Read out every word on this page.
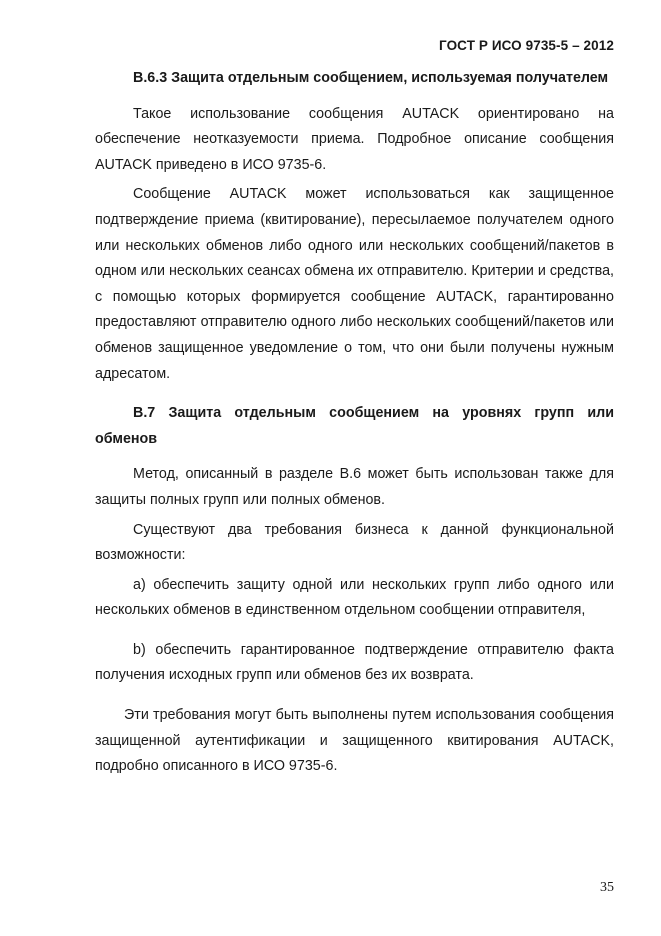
ГОСТ Р ИСО 9735-5 – 2012

В.6.3 Защита отдельным сообщением, используемая получателем

Такое использование сообщения AUTACK ориентировано на обеспечение неотказуемости приема. Подробное описание сообщения AUTACK приведено в ИСО 9735-6.

Сообщение AUTACK может использоваться как защищенное подтверждение приема (квитирование), пересылаемое получателем одного или нескольких обменов либо одного или нескольких сообщений/пакетов в одном или нескольких сеансах обмена их отправителю. Критерии и средства, с помощью которых формируется сообщение AUTACK, гарантированно предоставляют отправителю одного либо нескольких сообщений/пакетов или обменов защищенное уведомление о том, что они были получены нужным адресатом.

В.7 Защита отдельным сообщением на уровнях групп или обменов

Метод, описанный в разделе В.6 может быть использован также для защиты полных групп или полных обменов.

Существуют два требования бизнеса к данной функциональной возможности:

а) обеспечить защиту одной или нескольких групп либо одного или нескольких обменов в единственном отдельном сообщении отправителя,

b) обеспечить гарантированное подтверждение отправителю факта получения исходных групп или обменов без их возврата.

Эти требования могут быть выполнены путем использования сообщения защищенной аутентификации и защищенного квитирования AUTACK, подробно описанного в ИСО 9735-6.

35
